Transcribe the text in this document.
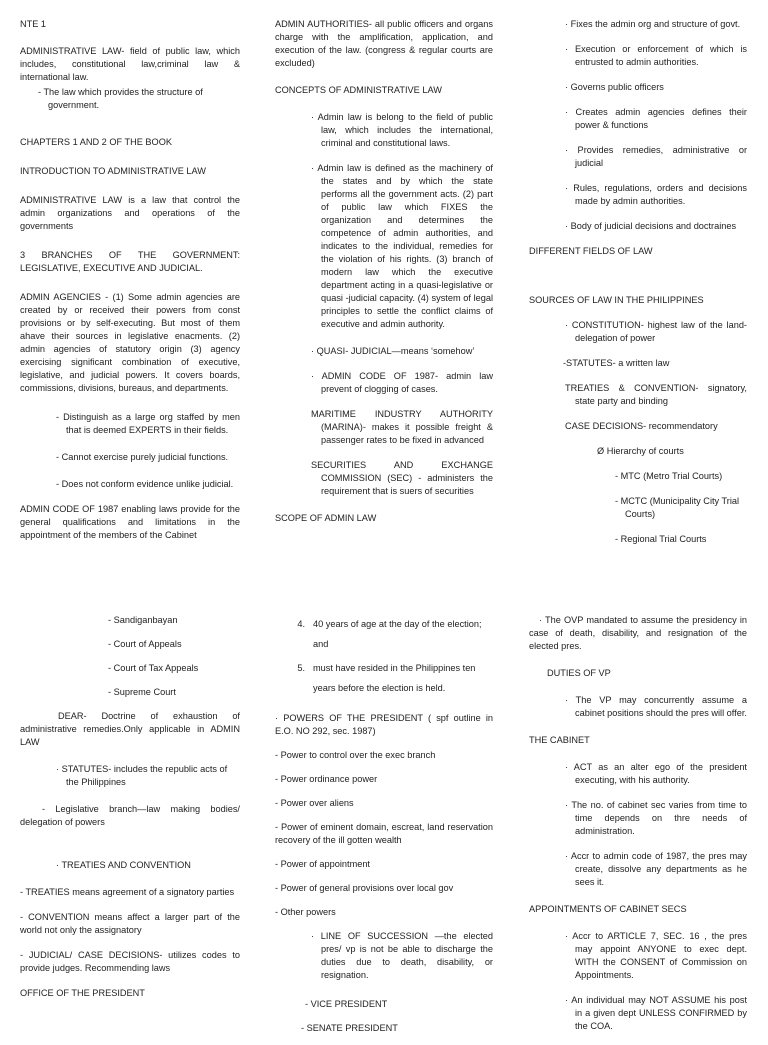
NTE 1

ADMINISTRATIVE LAW- field of public law, which includes, constitutional law,criminal law & international law.

- The law which provides the structure of government.

CHAPTERS 1 AND 2 OF THE BOOK

INTRODUCTION TO ADMINISTRATIVE LAW

ADMINISTRATIVE LAW is a law that control the admin organizations and operations of the governments

3 BRANCHES OF THE GOVERNMENT: LEGISLATIVE, EXECUTIVE AND JUDICIAL.

ADMIN AGENCIES - (1) Some admin agencies are created by or received their powers from const provisions or by self-executing. But most of them ahave their sources in legislative enacments. (2) admin agencies of statutory origin (3) agency exercising significant combination of executive, legislative, and judicial powers. It covers boards, commissions, divisions, bureaus, and departments.

- Distinguish as a large org staffed by men that is deemed EXPERTS in their fields.

- Cannot exercise purely judicial functions.

- Does not conform evidence unlike judicial.

ADMIN CODE OF 1987 enabling laws provide for the general qualifications and limitations in the appointment of the members of the Cabinet

ADMIN AUTHORITIES- all public officers and organs charge with the amplification, application, and execution of the law. (congress & regular courts are excluded)

CONCEPTS OF ADMINISTRATIVE LAW

· Admin law is belong to the field of public law, which includes the international, criminal and constitutional laws.

· Admin law is defined as the machinery of the states and by which the state performs all the government acts. (2) part of public law which FIXES the organization and determines the competence of admin authorities, and indicates to the individual, remedies for the violation of his rights. (3) branch of modern law which the executive department acting in a quasi-legislative or quasi -judicial capacity. (4) system of legal principles to settle the conflict claims of executive and admin authority.

· QUASI- JUDICIAL—means ‘somehow’

· ADMIN CODE OF 1987- admin law prevent of clogging of cases.

MARITIME INDUSTRY AUTHORITY (MARINA)- makes it possible freight & passenger rates to be fixed in advanced

SECURITIES AND EXCHANGE COMMISSION (SEC) - administers the requirement that is suers of securities

SCOPE OF ADMIN LAW

· Fixes the admin org and structure of govt.

· Execution or enforcement of which is entrusted to admin authorities.

· Governs public officers

· Creates admin agencies defines their power & functions

· Provides remedies, administrative or judicial

· Rules, regulations, orders and decisions made by admin authorities.

· Body of judicial decisions and doctraines

DIFFERENT FIELDS OF LAW

SOURCES OF LAW IN THE PHILIPPINES

· CONSTITUTION- highest law of the land-delegation of power

-STATUTES- a written law

TREATIES & CONVENTION- signatory, state party and binding

CASE DECISIONS- recommendatory

Ø Hierarchy of courts

- MTC (Metro Trial Courts)

- MCTC (Municipality City Trial Courts)

- Regional Trial Courts

- Sandiganbayan

- Court of Appeals

- Court of Tax Appeals

- Supreme Court

DEAR- Doctrine of exhaustion of administrative remedies.Only applicable in ADMIN LAW

· STATUTES- includes the republic acts of the Philippines

- Legislative branch—law making bodies/ delegation of powers

· TREATIES AND CONVENTION

- TREATIES means agreement of a signatory parties

- CONVENTION means affect a larger part of the world not only the assignatory

- JUDICIAL/ CASE DECISIONS- utilizes codes to provide judges. Recommending laws

OFFICE OF THE PRESIDENT

4. 40 years of age at the day of the election; and
5. must have resided in the Philippines ten years before the election is held.

· POWERS OF THE PRESIDENT ( spf outline in E.O. NO 292, sec. 1987)

- Power to control over the exec branch

- Power ordinance power

- Power over aliens

- Power of eminent domain, escreat, land reservation recovery of the ill gotten wealth

- Power of appointment

- Power of general provisions over local gov

- Other powers

· LINE OF SUCCESSION —the elected pres/ vp is not be able to discharge the duties due to death, disability, or resignation.

- VICE PRESIDENT

- SENATE PRESIDENT

· The OVP mandated to assume the presidency in case of death, disability, and resignation of the elected pres.

DUTIES OF VP

· The VP may concurrently assume a cabinet positions should the pres will offer.

THE CABINET

· ACT as an alter ego of the president executing, with his authority.

· The no. of cabinet sec varies from time to time depends on thre needs of administration.

· Accr to admin code of 1987, the pres may create, dissolve any departments as he sees it.

APPOINTMENTS OF CABINET SECS

· Accr to ARTICLE 7, SEC. 16 , the pres may appoint ANYONE to exec dept. WITH the CONSENT of Commission on Appointments.

· An individual may NOT ASSUME his post in a given dept UNLESS CONFIRMED by the COA.
